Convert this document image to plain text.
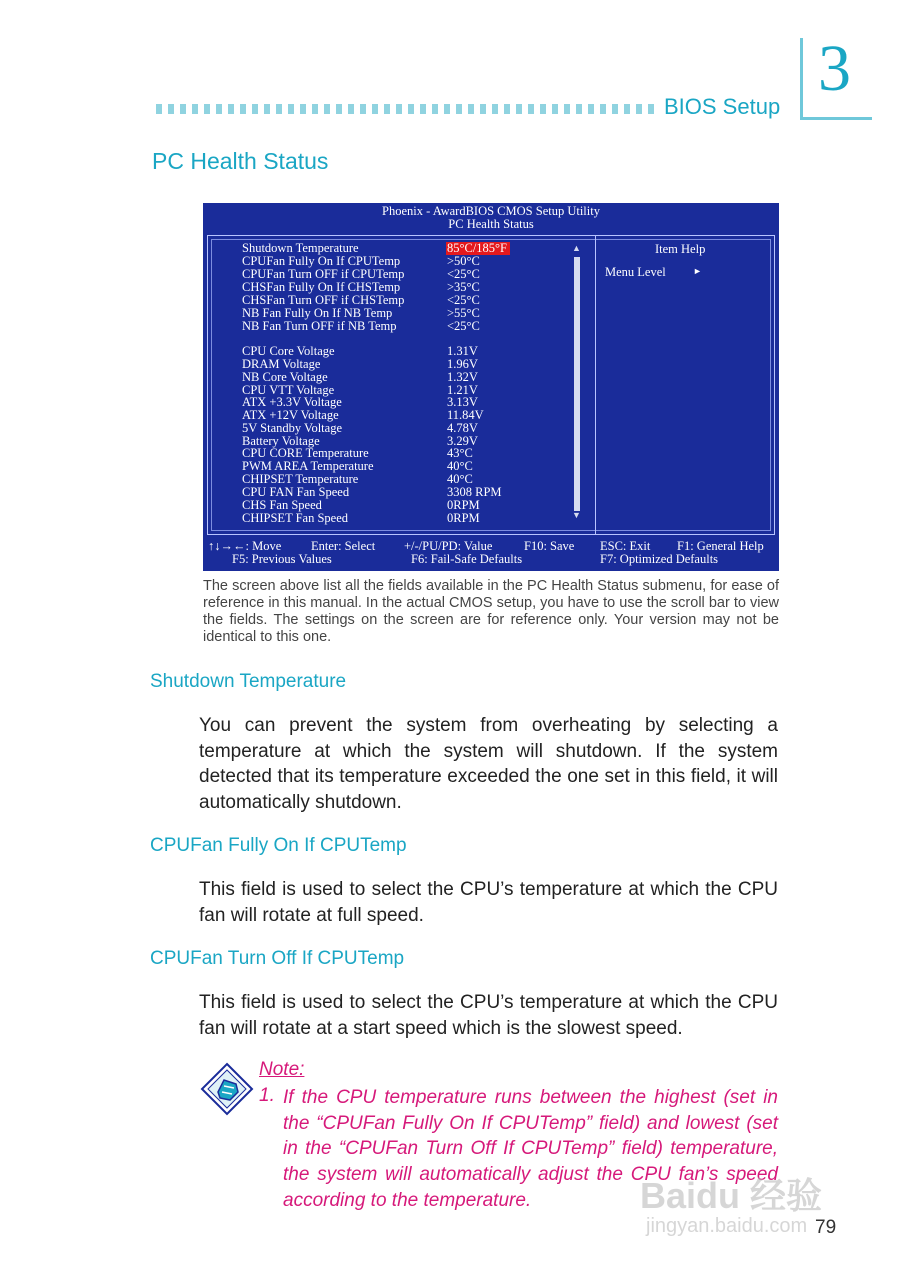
BIOS Setup
3
PC Health Status
Phoenix - AwardBIOS CMOS Setup Utility
PC Health Status
Shutdown Temperature	85°C/185°F
CPUFan Fully On If CPUTemp	>50°C
CPUFan Turn OFF if CPUTemp	<25°C
CHSFan Fully On If CHSTemp	>35°C
CHSFan Turn OFF if CHSTemp	<25°C
NB Fan Fully On If NB Temp	>55°C
NB Fan Turn OFF if NB Temp	<25°C
CPU Core Voltage	1.31V
DRAM Voltage	1.96V
NB Core Voltage	1.32V
CPU VTT Voltage	1.21V
ATX +3.3V Voltage	3.13V
ATX +12V Voltage	11.84V
5V Standby Voltage	4.78V
Battery Voltage	3.29V
CPU CORE Temperature	43°C
PWM AREA Temperature	40°C
CHIPSET Temperature	40°C
CPU FAN Fan Speed	3308 RPM
CHS Fan Speed	0RPM
CHIPSET Fan Speed	0RPM
▲
▼
Item Help
Menu Level	►
↑↓→←: Move Enter: Select +/-/PU/PD: Value	F10: Save ESC: Exit F1: General Help
F5: Previous Values	F6: Fail-Safe Defaults	F7: Optimized Defaults
The screen above list all the fields available in the PC Health Status submenu, for ease of reference in this manual. In the actual CMOS setup, you have to use the scroll bar to view the fields. The settings on the screen are for reference only. Your version may not be identical to this one.
Shutdown Temperature
You can prevent the system from overheating by selecting a temperature at which the system will shutdown. If the system detected that its temperature exceeded the one set in this field, it will automatically shutdown.
CPUFan Fully On If CPUTemp
This field is used to select the CPU’s temperature at which the CPU fan will rotate at full speed.
CPUFan Turn Off If CPUTemp
This field is used to select the CPU’s temperature at which the CPU fan will rotate at a start speed which is the slowest speed.
Note:
1. If the CPU temperature runs between the highest (set in the “CPUFan Fully On If CPUTemp” field) and lowest (set in the “CPUFan Turn Off If CPUTemp” field) temperature, the system will automatically adjust the CPU fan’s speed according to the temperature.	Baidu 经验
jingyan.baidu.com 79
